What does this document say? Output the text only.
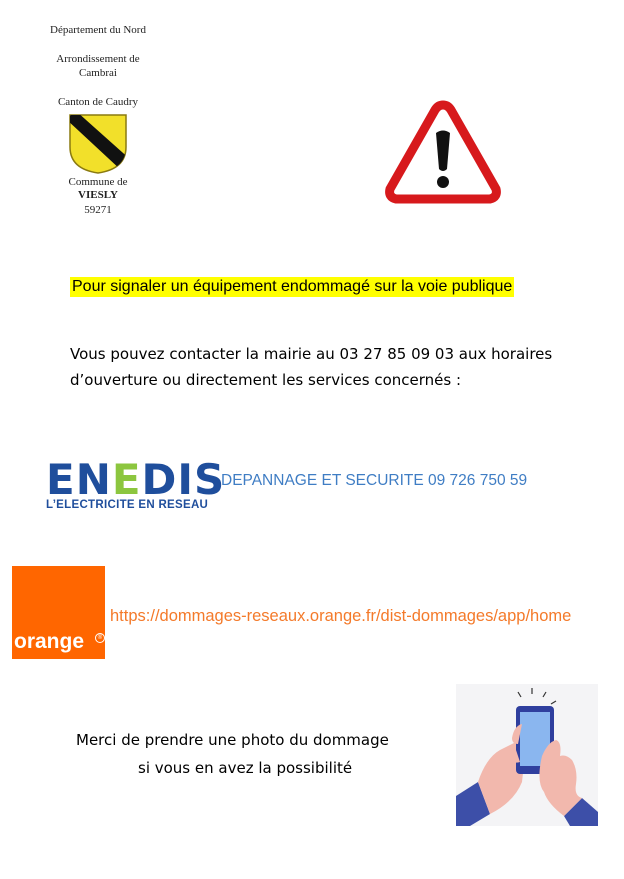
Département du Nord
Arrondissement de
Cambrai
Canton de Caudry
Commune de
VIESLY
59271
Pour signaler un équipement endommagé sur la voie publique
Vous pouvez contacter la mairie au 03 27 85 09 03 aux horaires
d’ouverture ou directement les services concernés :
ENEDIS
L’ELECTRICITE EN RESEAU
DEPANNAGE ET SECURITE 09 726 750 59
orange	®
https://dommages-reseaux.orange.fr/dist-dommages/app/home
Merci de prendre une photo du dommage
si vous en avez la possibilité
